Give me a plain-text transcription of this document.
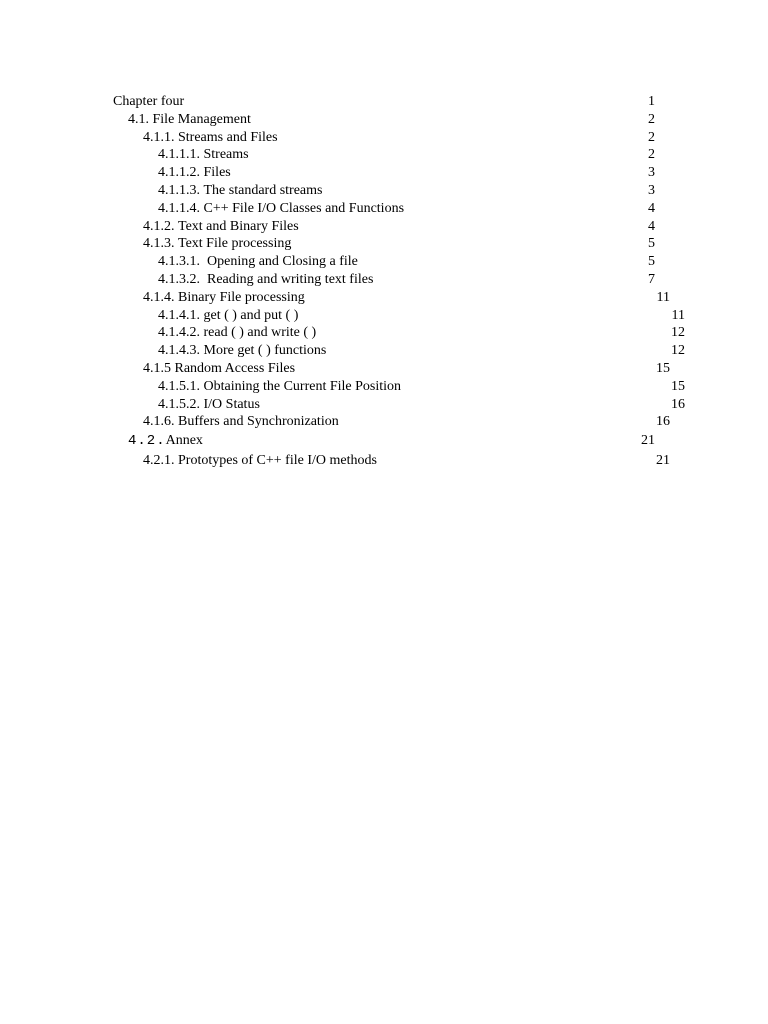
Chapter four	1
4.1. File Management	2
4.1.1. Streams and Files	2
4.1.1.1. Streams	2
4.1.1.2. Files	3
4.1.1.3. The standard streams	3
4.1.1.4. C++ File I/O Classes and Functions	4
4.1.2. Text and Binary Files	4
4.1.3. Text File processing	5
4.1.3.1. Opening and Closing a file	5
4.1.3.2. Reading and writing text files	7
4.1.4. Binary File processing	11
4.1.4.1. get ( ) and put ( )	11
4.1.4.2. read ( ) and write ( )	12
4.1.4.3. More get ( ) functions	12
4.1.5 Random Access Files	15
4.1.5.1. Obtaining the Current File Position	15
4.1.5.2. I/O Status	16
4.1.6. Buffers and Synchronization	16
4.2. Annex	21
4.2.1. Prototypes of C++ file I/O methods	21
